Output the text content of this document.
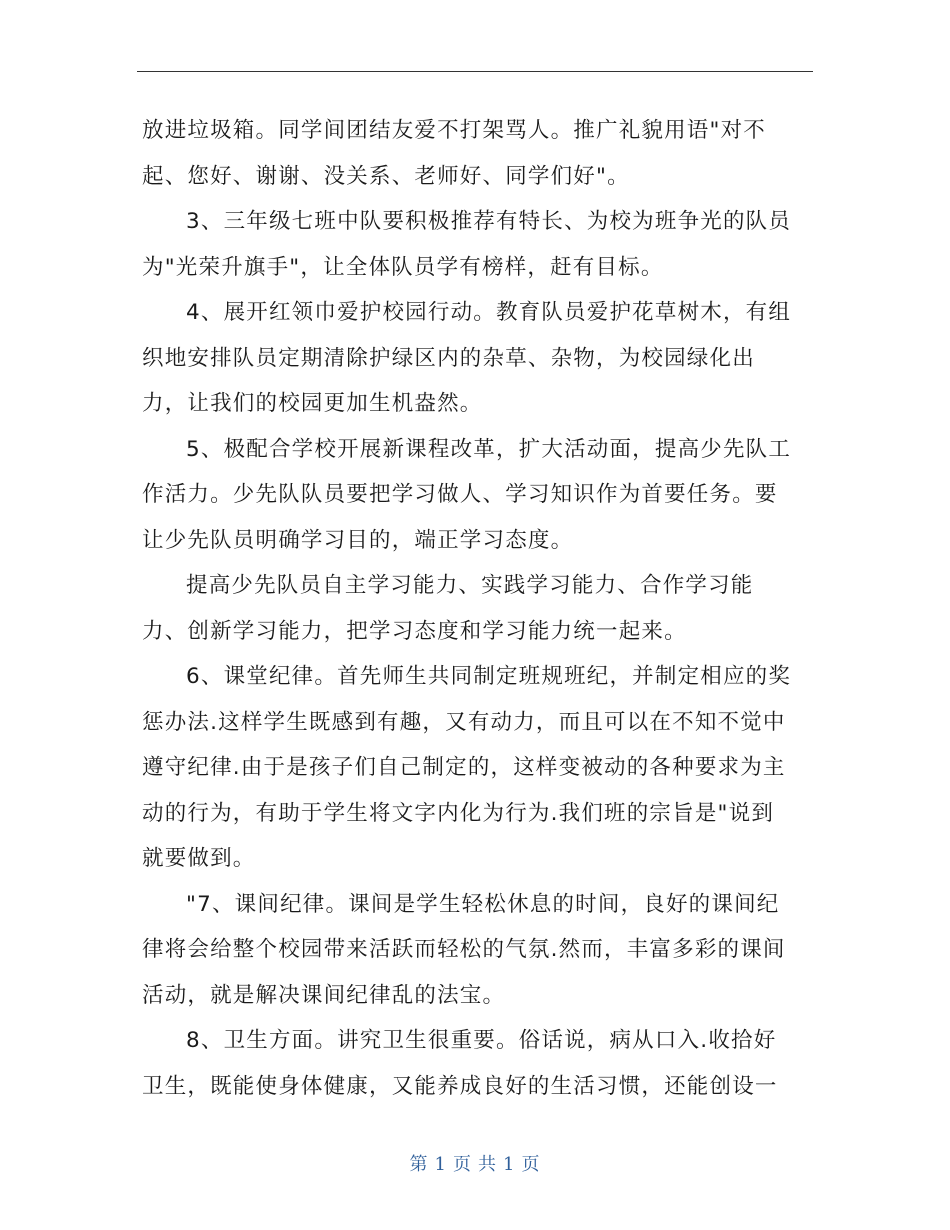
放进垃圾箱。同学间团结友爱不打架骂人。推广礼貌用语"对不
起、您好、谢谢、没关系、老师好、同学们好"。
3、三年级七班中队要积极推荐有特长、为校为班争光的队员
为"光荣升旗手"，让全体队员学有榜样，赶有目标。
4、展开红领巾爱护校园行动。教育队员爱护花草树木，有组
织地安排队员定期清除护绿区内的杂草、杂物，为校园绿化出
力，让我们的校园更加生机盎然。
5、极配合学校开展新课程改革，扩大活动面，提高少先队工
作活力。少先队队员要把学习做人、学习知识作为首要任务。要
让少先队员明确学习目的，端正学习态度。
提高少先队员自主学习能力、实践学习能力、合作学习能
力、创新学习能力，把学习态度和学习能力统一起来。
6、课堂纪律。首先师生共同制定班规班纪，并制定相应的奖
惩办法.这样学生既感到有趣，又有动力，而且可以在不知不觉中
遵守纪律.由于是孩子们自己制定的，这样变被动的各种要求为主
动的行为，有助于学生将文字内化为行为.我们班的宗旨是"说到
就要做到。
"7、课间纪律。课间是学生轻松休息的时间，良好的课间纪
律将会给整个校园带来活跃而轻松的气氛.然而，丰富多彩的课间
活动，就是解决课间纪律乱的法宝。
8、卫生方面。讲究卫生很重要。俗话说，病从口入.收拾好
卫生，既能使身体健康，又能养成良好的生活习惯，还能创设一

第 1 页 共 1 页
